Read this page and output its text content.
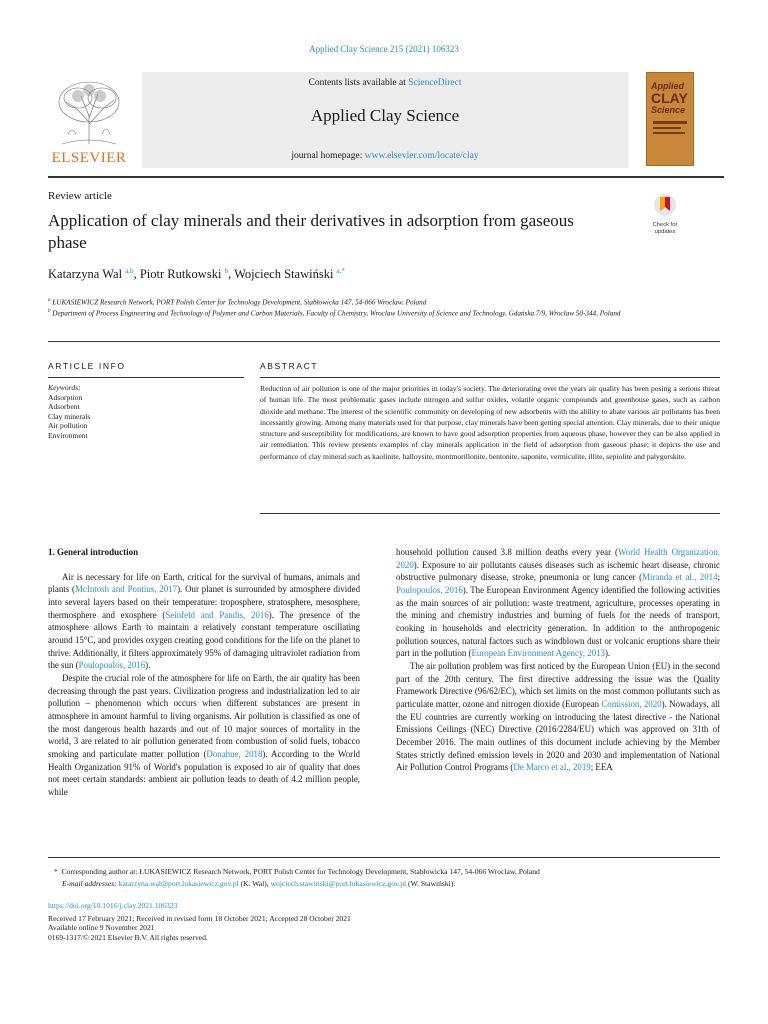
Applied Clay Science 215 (2021) 106323
ELSEVIER
Contents lists available at ScienceDirect
Applied Clay Science
journal homepage: www.elsevier.com/locate/clay
Applied
CLAY
Science
Review article
Application of clay minerals and their derivatives in adsorption from gaseous phase
Check for
updates
Katarzyna Wal $^{a,b}$, Piotr Rutkowski $^b$, Wojciech Stawiński $^{a,*}$
$^a$ ŁUKASIEWICZ Research Network, PORT Polish Center for Technology Development, Stabłowicka 147, 54-066 Wroclaw, Poland
$^b$ Department of Process Engineering and Technology of Polymer and Carbon Materials, Faculty of Chemistry, Wroclaw University of Science and Technology, Gdańska 7/9, Wroclaw 50-344, Poland
ARTICLE INFO	ABSTRACT
Keywords:
Adsorption
Adsorbent
Clay minerals
Air pollution
Environment
Reduction of air pollution is one of the major priorities in today's society. The deteriorating over the years air quality has been posing a serious threat of human life. The most problematic gases include nitrogen and sulfur oxides, volatile organic compounds and greenhouse gases, such as carbon dioxide and methane. The interest of the scientific community on developing of new adsorbents with the ability to abate various air pollutants has been incessantly growing. Among many materials used for that purpose, clay minerals have been getting special attention. Clay minerals, due to their unique structure and susceptibility for modifications, are known to have good adsorption properties from aqueous phase, however they can be also applied in air remediation. This review presents examples of clay minerals application in the field of adsorption from gaseous phase; it depicts the use and performance of clay mineral such as kaolinite, halloysite, montmorillonite, bentonite, saponite, vermiculite, illite, sepiolite and palygorskite.
1. General introduction

Air is necessary for life on Earth, critical for the survival of humans, animals and plants (McIntosh and Pontius, 2017). Our planet is surrounded by atmosphere divided into several layers based on their temperature: troposphere, stratosphere, mesosphere, thermosphere and exosphere (Seinfeld and Pandis, 2016). The presence of the atmosphere allows Earth to maintain a relatively constant temperature oscillating around 15°C, and provides oxygen creating good conditions for the life on the planet to thrive. Additionally, it filters approximately 95% of damaging ultraviolet radiation from the sun (Poulopoulos, 2016).

Despite the crucial role of the atmosphere for life on Earth, the air quality has been decreasing through the past years. Civilization progress and industrialization led to air pollution – phenomenon which occurs when different substances are present in atmosphere in amount harmful to living organisms. Air pollution is classified as one of the most dangerous health hazards and out of 10 major sources of mortality in the world, 3 are related to air pollution generated from combustion of solid fuels, tobacco smoking and particulate matter pollution (Donahue, 2018). According to the World Health Organization 91% of World's population is exposed to air of quality that does not meet certain standards: ambient air pollution leads to death of 4.2 million people, while

household pollution caused 3.8 million deaths every year (World Health Organization, 2020). Exposure to air pollutants causes diseases such as ischemic heart disease, chronic obstructive pulmonary disease, stroke, pneumonia or lung cancer (Miranda et al., 2014; Poulopoulos, 2016). The European Environment Agency identified the following activities as the main sources of air pollution: waste treatment, agriculture, processes operating in the mining and chemistry industries and burning of fuels for the needs of transport, cooking in households and electricity generation. In addition to the anthropogenic pollution sources, natural factors such as windblown dust or volcanic eruptions share their part in the pollution (European Environment Agency, 2013).

The air pollution problem was first noticed by the European Union (EU) in the second part of the 20th century. The first directive addressing the issue was the Quality Framework Directive (96/62/EC), which set limits on the most common pollutants such as particulate matter, ozone and nitrogen dioxide (European Comission, 2020). Nowadays, all the EU countries are currently working on introducing the latest directive - the National Emissions Ceilings (NEC) Directive (2016/2284/EU) which was approved on 31th of December 2016. The main outlines of this document include achieving by the Member States strictly defined emission levels in 2020 and 2030 and implementation of National Air Pollution Control Programs (De Marco et al., 2019; EEA

* Corresponding author at: ŁUKASIEWICZ Research Network, PORT Polish Center for Technology Development, Stabłowicka 147, 54-066 Wroclaw, Poland
E-mail addresses: katarzyna.wal@port.lukasiewicz.gov.pl (K. Wal), wojciech.stawinski@port.lukasiewicz.gov.pl (W. Stawiński).
https://doi.org/10.1016/j.clay.2021.106323
Received 17 February 2021; Received in revised form 18 October 2021; Accepted 28 October 2021
Available online 9 November 2021
0169-1317/© 2021 Elsevier B.V. All rights reserved.
